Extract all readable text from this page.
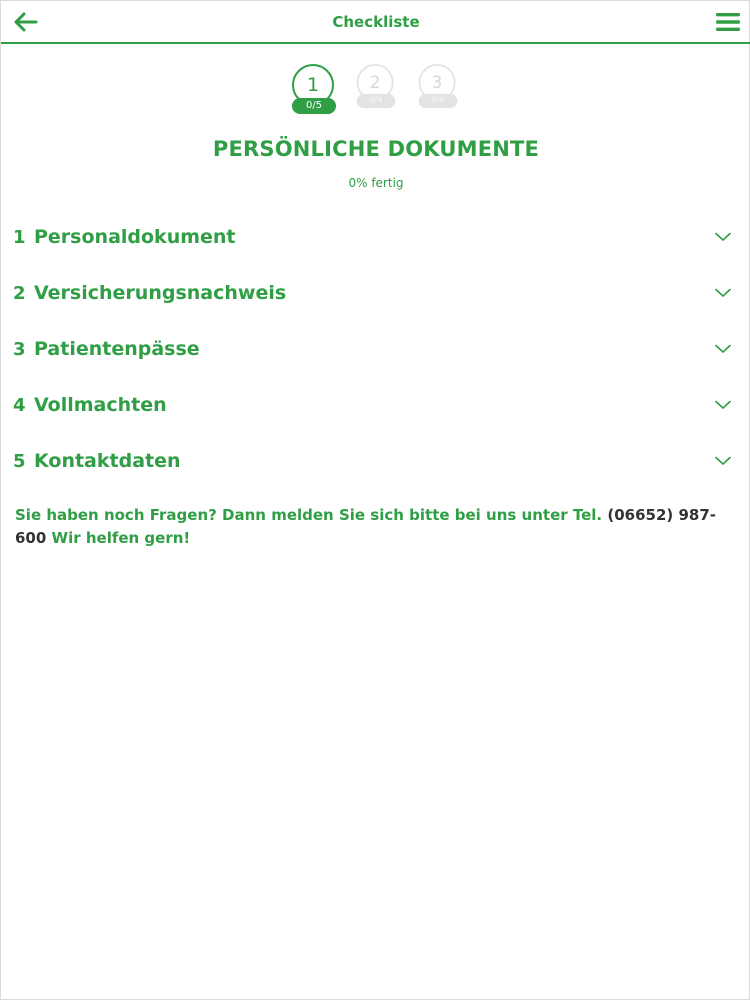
Checkliste
1
0/5
2
0/4
3
0/9
PERSÖNLICHE DOKUMENTE
0% fertig
1 Personaldokument
2 Versicherungsnachweis
3 Patientenpässe
4 Vollmachten
5 Kontaktdaten

Sie haben noch Fragen? Dann melden Sie sich bitte bei uns unter Tel. (06652) 987-600 Wir helfen gern!
